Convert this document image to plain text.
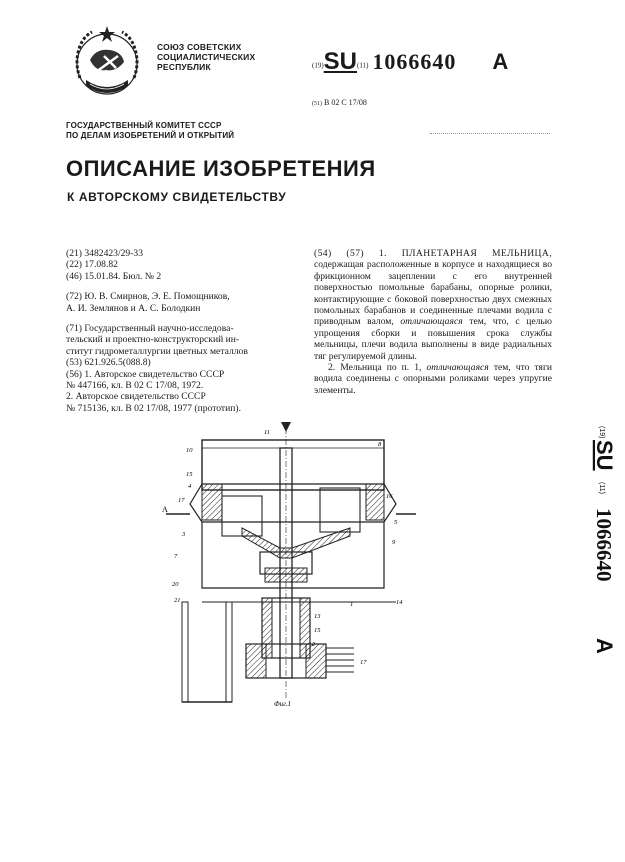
СОЮЗ СОВЕТСКИХ
СОЦИАЛИСТИЧЕСКИХ
РЕСПУБЛИК	(19)SU(11) 1066640 A
(51) B 02 C 17/08
ГОСУДАРСТВЕННЫЙ КОМИТЕТ СССР
ПО ДЕЛАМ ИЗОБРЕТЕНИЙ И ОТКРЫТИЙ
ОПИСАНИЕ ИЗОБРЕТЕНИЯ
К АВТОРСКОМУ СВИДЕТЕЛЬСТВУ
(21) 3482423/29-33
(22) 17.08.82
(46) 15.01.84. Бюл. № 2
(72) Ю. В. Смирнов, Э. Е. Помощников,
А. И. Землянов и А. С. Болодкин
(71) Государственный научно-исследова-
тельский и проектно-конструкторский ин-
ститут гидрометаллургии цветных металлов
(53) 621.926.5(088.8)
(56) 1. Авторское свидетельство СССР
№ 447166, кл. B 02 C 17/08, 1972.
2. Авторское свидетельство СССР
№ 715136, кл. B 02 17/08, 1977 (прототип).

(54) (57) 1. ПЛАНЕТАРНАЯ МЕЛЬНИЦА, содержащая расположенные в корпусе и находящиеся во фрикционном зацеплении с его внутренней поверхностью помольные барабаны, опорные ролики, контактирующие с боковой поверхностью двух смежных помольных барабанов и соединенные плечами водила с приводным валом, отличающаяся тем, что, с целью упрощения сборки и повышения срока службы мельницы, плечи водила выполнены в виде радиальных тяг регулируемой длины.

2. Мельница по п. 1, отличающаяся тем, что тяги водила соединены с опорными роликами через упругие элементы.

(19)
SU
(11)
1066640
A
A
11
10
8
15
16
4
17
5
3
7
9
20
21
1	14
13
15
2
17
Фиг.1
